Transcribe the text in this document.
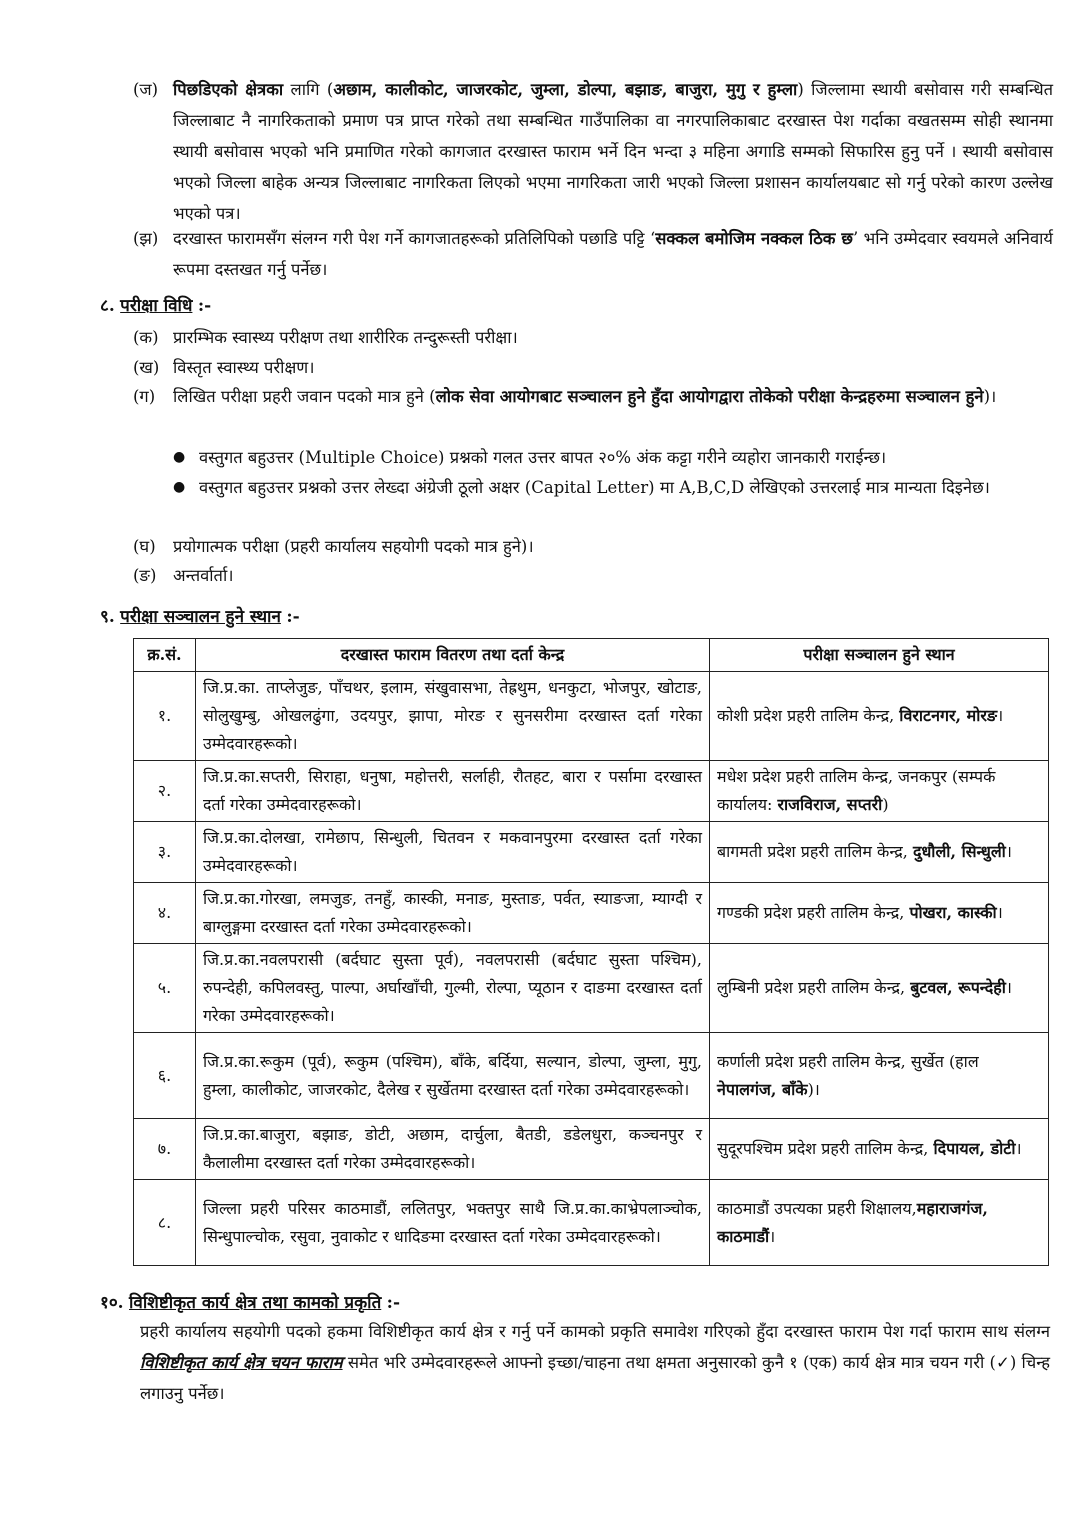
(ज) पिछडिएको क्षेत्रका लागि (अछाम, कालीकोट, जाजरकोट, जुम्ला, डोल्पा, बझाङ, बाजुरा, मुगु र हुम्ला) जिल्लामा स्थायी बसोवास गरी सम्बन्धित जिल्लाबाट नै नागरिकताको प्रमाण पत्र प्राप्त गरेको तथा सम्बन्धित गाउँपालिका वा नगरपालिकाबाट दरखास्त पेश गर्दाका वखतसम्म सोही स्थानमा स्थायी बसोवास भएको भनि प्रमाणित गरेको कागजात दरखास्त फाराम भर्ने दिन भन्दा ३ महिना अगाडि सम्मको सिफारिस हुनु पर्ने । स्थायी बसोवास भएको जिल्ला बाहेक अन्यत्र जिल्लाबाट नागरिकता लिएको भएमा नागरिकता जारी भएको जिल्ला प्रशासन कार्यालयबाट सो गर्नु परेको कारण उल्लेख भएको पत्र।
(झ) दरखास्त फारामसँग संलग्न गरी पेश गर्ने कागजातहरूको प्रतिलिपिको पछाडि पट्टि ‘सक्कल बमोजिम नक्कल ठिक छ’ भनि उम्मेदवार स्वयमले अनिवार्य रूपमा दस्तखत गर्नु पर्नेछ।
८. परीक्षा विधि :-
(क) प्रारम्भिक स्वास्थ्य परीक्षण तथा शारीरिक तन्दुरूस्ती परीक्षा।
(ख) विस्तृत स्वास्थ्य परीक्षण।
(ग)	लिखित परीक्षा प्रहरी जवान पदको मात्र हुने (लोक सेवा आयोगबाट सञ्चालन हुने हुँदा आयोगद्वारा तोकेको परीक्षा केन्द्रहरुमा सञ्चालन हुने)।
● वस्तुगत बहुउत्तर (Multiple Choice) प्रश्नको गलत उत्तर बापत २०% अंक कट्टा गरीने व्यहोरा जानकारी गराईन्छ।
● वस्तुगत बहुउत्तर प्रश्नको उत्तर लेख्दा अंग्रेजी ठूलो अक्षर (Capital Letter) मा A,B,C,D लेखिएको उत्तरलाई मात्र मान्यता दिइनेछ।
(घ)	प्रयोगात्मक परीक्षा (प्रहरी कार्यालय सहयोगी पदको मात्र हुने)।
(ङ)	अन्तर्वार्ता।
९. परीक्षा सञ्चालन हुने स्थान :-
क्र.सं.	दरखास्त फाराम वितरण तथा दर्ता केन्द्र	परीक्षा सञ्चालन हुने स्थान
१.	जि.प्र.का. ताप्लेजुङ, पाँचथर, इलाम, संखुवासभा, तेह्रथुम, धनकुटा, भोजपुर, खोटाङ, सोलुखुम्बु, ओखलढुंगा, उदयपुर, झापा, मोरङ र सुनसरीमा दरखास्त दर्ता गरेका उम्मेदवारहरूको।	कोशी प्रदेश प्रहरी तालिम केन्द्र, विराटनगर, मोरङ।
२.	जि.प्र.का.सप्तरी, सिराहा, धनुषा, महोत्तरी, सर्लाही, रौतहट, बारा र पर्सामा दरखास्त दर्ता गरेका उम्मेदवारहरूको।	मधेश प्रदेश प्रहरी तालिम केन्द्र, जनकपुर (सम्पर्क कार्यालय: राजविराज, सप्तरी)
३.	जि.प्र.का.दोलखा, रामेछाप, सिन्धुली, चितवन र मकवानपुरमा दरखास्त दर्ता गरेका उम्मेदवारहरूको।	बागमती प्रदेश प्रहरी तालिम केन्द्र, दुधौली, सिन्धुली।
४.	जि.प्र.का.गोरखा, लमजुङ, तनहुँ, कास्की, मनाङ, मुस्ताङ, पर्वत, स्याङजा, म्याग्दी र बाग्लुङ्गमा दरखास्त दर्ता गरेका उम्मेदवारहरूको।	गण्डकी प्रदेश प्रहरी तालिम केन्द्र, पोखरा, कास्की।
५.	जि.प्र.का.नवलपरासी (बर्दघाट सुस्ता पूर्व), नवलपरासी (बर्दघाट सुस्ता पश्चिम), रुपन्देही, कपिलवस्तु, पाल्पा, अर्घाखाँची, गुल्मी, रोल्पा, प्यूठान र दाङमा दरखास्त दर्ता गरेका उम्मेदवारहरूको।	लुम्बिनी प्रदेश प्रहरी तालिम केन्द्र, बुटवल, रूपन्देही।
६.	जि.प्र.का.रूकुम (पूर्व), रूकुम (पश्चिम), बाँके, बर्दिया, सल्यान, डोल्पा, जुम्ला, मुगु, हुम्ला, कालीकोट, जाजरकोट, दैलेख र सुर्खेतमा दरखास्त दर्ता गरेका उम्मेदवारहरूको।	कर्णाली प्रदेश प्रहरी तालिम केन्द्र, सुर्खेत (हाल नेपालगंज, बाँके)।
७.	जि.प्र.का.बाजुरा, बझाङ, डोटी, अछाम, दार्चुला, बैतडी, डडेलधुरा, कञ्चनपुर र कैलालीमा दरखास्त दर्ता गरेका उम्मेदवारहरूको।	सुदूरपश्चिम प्रदेश प्रहरी तालिम केन्द्र, दिपायल, डोटी।
८.	जिल्ला प्रहरी परिसर काठमाडौं, ललितपुर, भक्तपुर साथै जि.प्र.का.काभ्रेपलाञ्चोक, सिन्धुपाल्चोक, रसुवा, नुवाकोट र धादिङमा दरखास्त दर्ता गरेका उम्मेदवारहरूको।	काठमाडौं उपत्यका प्रहरी शिक्षालय,महाराजगंज, काठमाडौं।
१०. विशिष्टीकृत कार्य क्षेत्र तथा कामको प्रकृति :-
प्रहरी कार्यालय सहयोगी पदको हकमा विशिष्टीकृत कार्य क्षेत्र र गर्नु पर्ने कामको प्रकृति समावेश गरिएको हुँदा दरखास्त फाराम पेश गर्दा फाराम साथ संलग्न विशिष्टीकृत कार्य क्षेत्र चयन फाराम समेत भरि उम्मेदवारहरूले आफ्नो इच्छा/चाहना तथा क्षमता अनुसारको कुनै १ (एक) कार्य क्षेत्र मात्र चयन गरी (✓) चिन्ह लगाउनु पर्नेछ।
